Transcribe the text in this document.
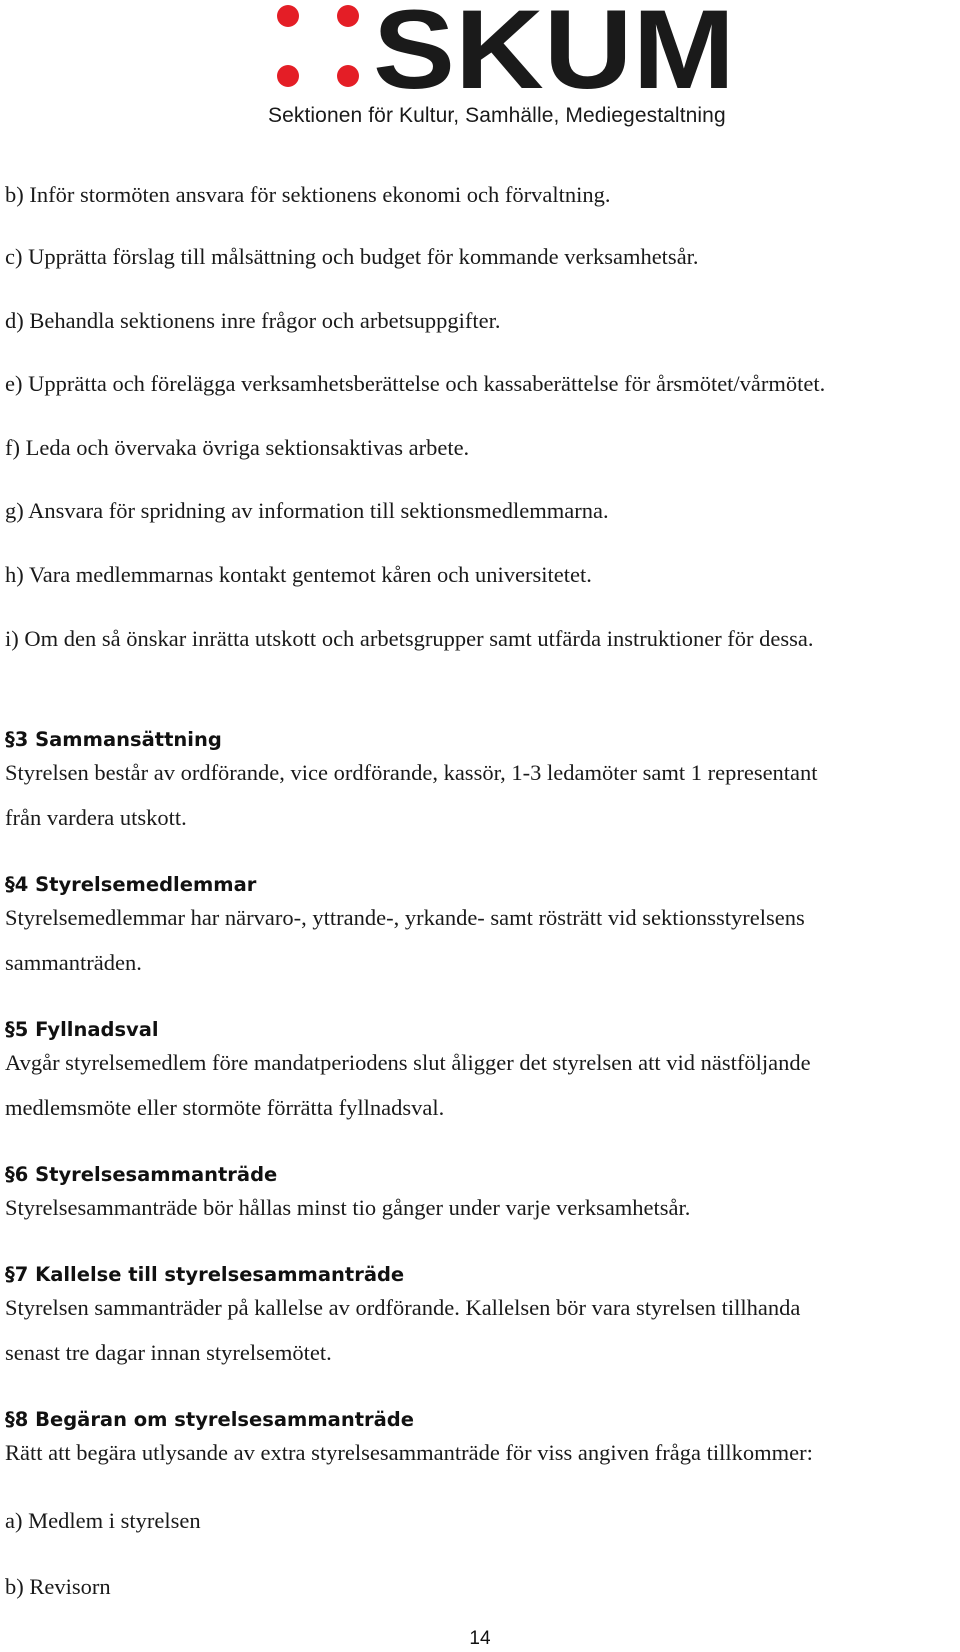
SKUM
Sektionen för Kultur, Samhälle, Mediegestaltning
b) Inför stormöten ansvara för sektionens ekonomi och förvaltning.
c) Upprätta förslag till målsättning och budget för kommande verksamhetsår.
d) Behandla sektionens inre frågor och arbetsuppgifter.
e) Upprätta och förelägga verksamhetsberättelse och kassaberättelse för årsmötet/vårmötet.
f) Leda och övervaka övriga sektionsaktivas arbete.
g) Ansvara för spridning av information till sektionsmedlemmarna.
h) Vara medlemmarnas kontakt gentemot kåren och universitetet.
i) Om den så önskar inrätta utskott och arbetsgrupper samt utfärda instruktioner för dessa.
§3 Sammansättning
Styrelsen består av ordförande, vice ordförande, kassör, 1-3 ledamöter samt 1 representant
från vardera utskott.
§4 Styrelsemedlemmar
Styrelsemedlemmar har närvaro-, yttrande-, yrkande- samt rösträtt vid sektionsstyrelsens
sammanträden.
§5 Fyllnadsval
Avgår styrelsemedlem före mandatperiodens slut åligger det styrelsen att vid nästföljande
medlemsmöte eller stormöte förrätta fyllnadsval.
§6 Styrelsesammanträde
Styrelsesammanträde bör hållas minst tio gånger under varje verksamhetsår.
§7 Kallelse till styrelsesammanträde
Styrelsen sammanträder på kallelse av ordförande. Kallelsen bör vara styrelsen tillhanda
senast tre dagar innan styrelsemötet.
§8 Begäran om styrelsesammanträde
Rätt att begära utlysande av extra styrelsesammanträde för viss angiven fråga tillkommer:
a) Medlem i styrelsen
b) Revisorn
14
